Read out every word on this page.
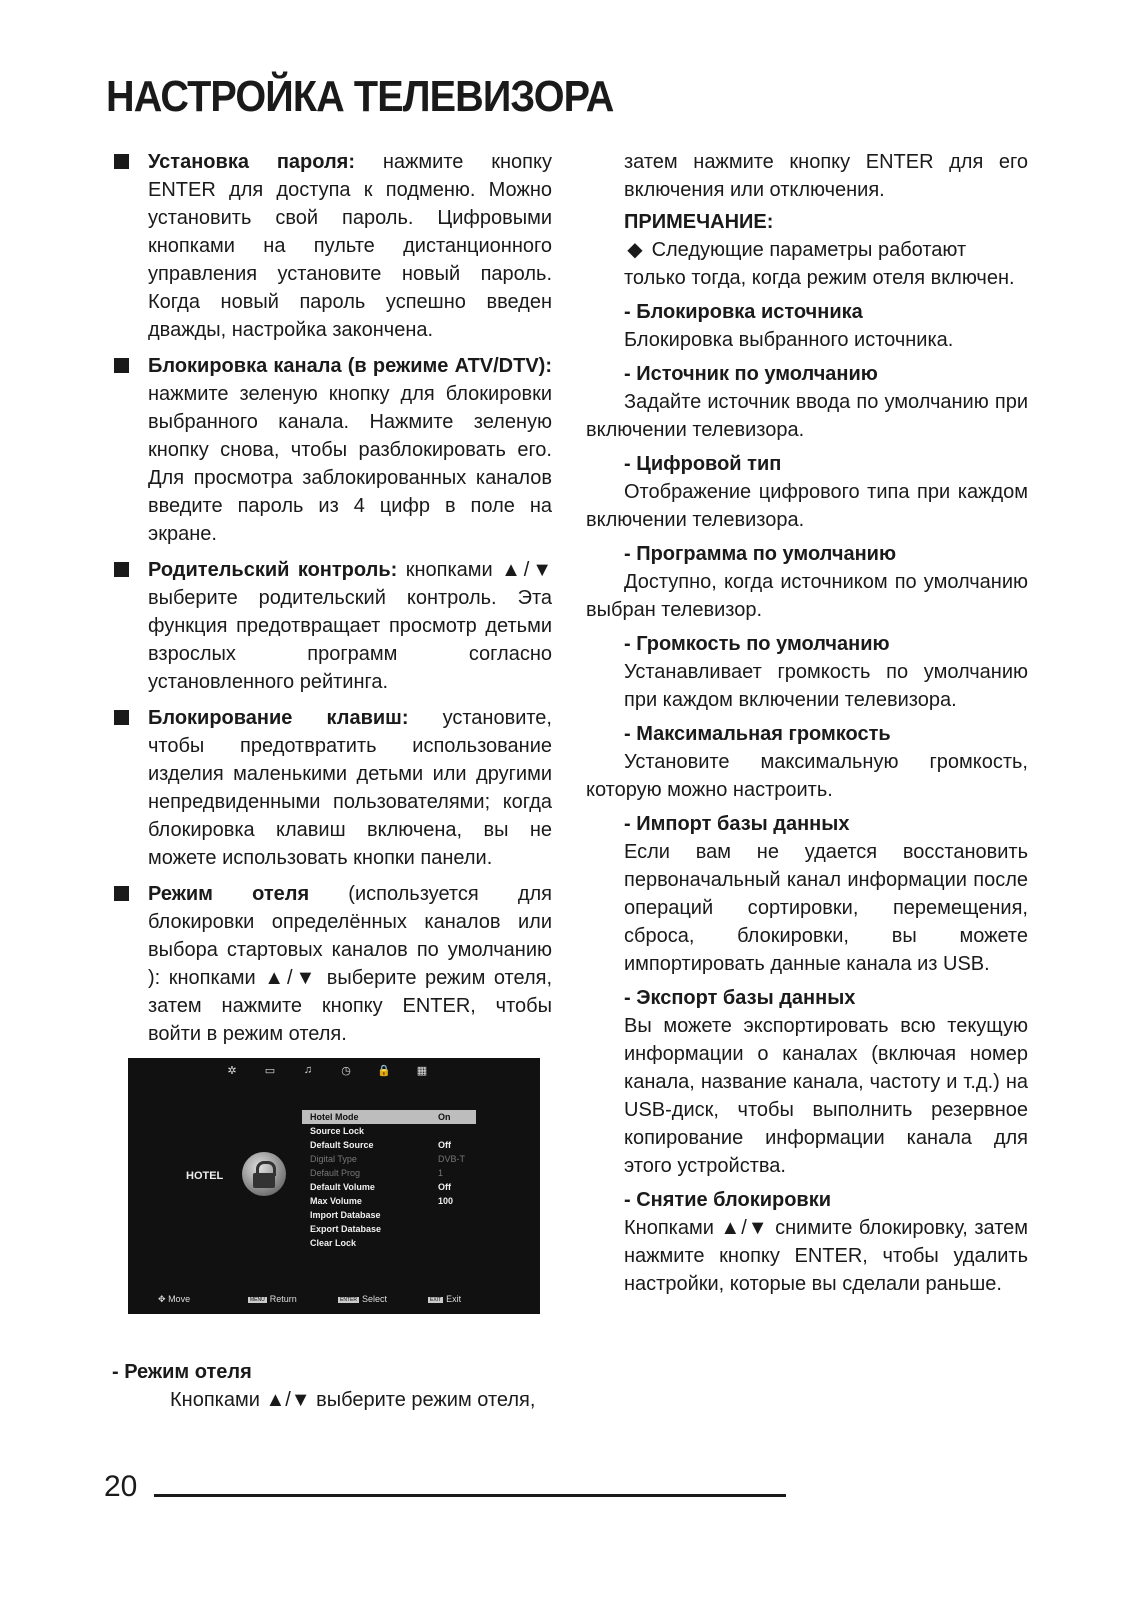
НАСТРОЙКА ТЕЛЕВИЗОРА

Установка пароля: нажмите кнопку ENTER для доступа к подменю. Можно установить свой пароль. Цифровыми кнопками на пульте дистанционного управления установите новый пароль. Когда новый пароль успешно введен дважды, настройка закончена.

Блокировка канала (в режиме ATV/DTV): нажмите зеленую кнопку для блокировки выбранного канала. Нажмите зеленую кнопку снова, чтобы разблокировать его. Для просмотра заблокированных каналов введите пароль из 4 цифр в поле на экране.

Родительский контроль: кнопками ▲/▼ выберите родительский контроль. Эта функция предотвращает просмотр детьми взрослых программ согласно установленного рейтинга.

Блокирование клавиш: установите, чтобы предотвратить использование изделия маленькими детьми или другими непредвиденными пользователями; когда блокировка клавиш включена, вы не можете использовать кнопки панели.

Режим отеля (используется для блокировки определённых каналов или выбора стартовых каналов по умолчанию ): кнопками ▲/▼ выберите режим отеля, затем нажмите кнопку ENTER, чтобы войти в режим отеля.

✲	▭	♫	◷ 🔒 ▦
HOTEL
Hotel Mode	On
Source Lock
Default Source	Off
Digital Type	DVB-T
Default Prog	1
Default Volume	Off
Max Volume	100
Import Database
Export Database
Clear Lock
✥ Move	MENU Return	ENTER Select	EXIT Exit

- Режим отеля

Кнопками ▲/▼ выберите режим отеля,

затем нажмите кнопку ENTER для его включения или отключения.

ПРИМЕЧАНИЕ:

◆ Следующие параметры работают только тогда, когда режим отеля включен.

- Блокировка источника

Блокировка выбранного источника.

- Источник по умолчанию

Задайте источник ввода по умолчанию при включении телевизора.

- Цифровой тип

Отображение цифрового типа при каждом включении телевизора.

- Программа по умолчанию

Доступно, когда источником по умолчанию выбран телевизор.

- Громкость по умолчанию

Устанавливает громкость по умолчанию при каждом включении телевизора.

- Максимальная громкость

Установите максимальную громкость, которую можно настроить.

- Импорт базы данных

Если вам не удается восстановить первоначальный канал информации после операций сортировки, перемещения, сброса, блокировки, вы можете импортировать данные канала из USB.

- Экспорт базы данных

Вы можете экспортировать всю текущую информации о каналах (включая номер канала, название канала, частоту и т.д.) на USB-диск, чтобы выполнить резервное копирование информации канала для этого устройства.

- Снятие блокировки

Кнопками ▲/▼ снимите блокировку, затем нажмите кнопку ENTER, чтобы удалить настройки, которые вы сделали раньше.

20
